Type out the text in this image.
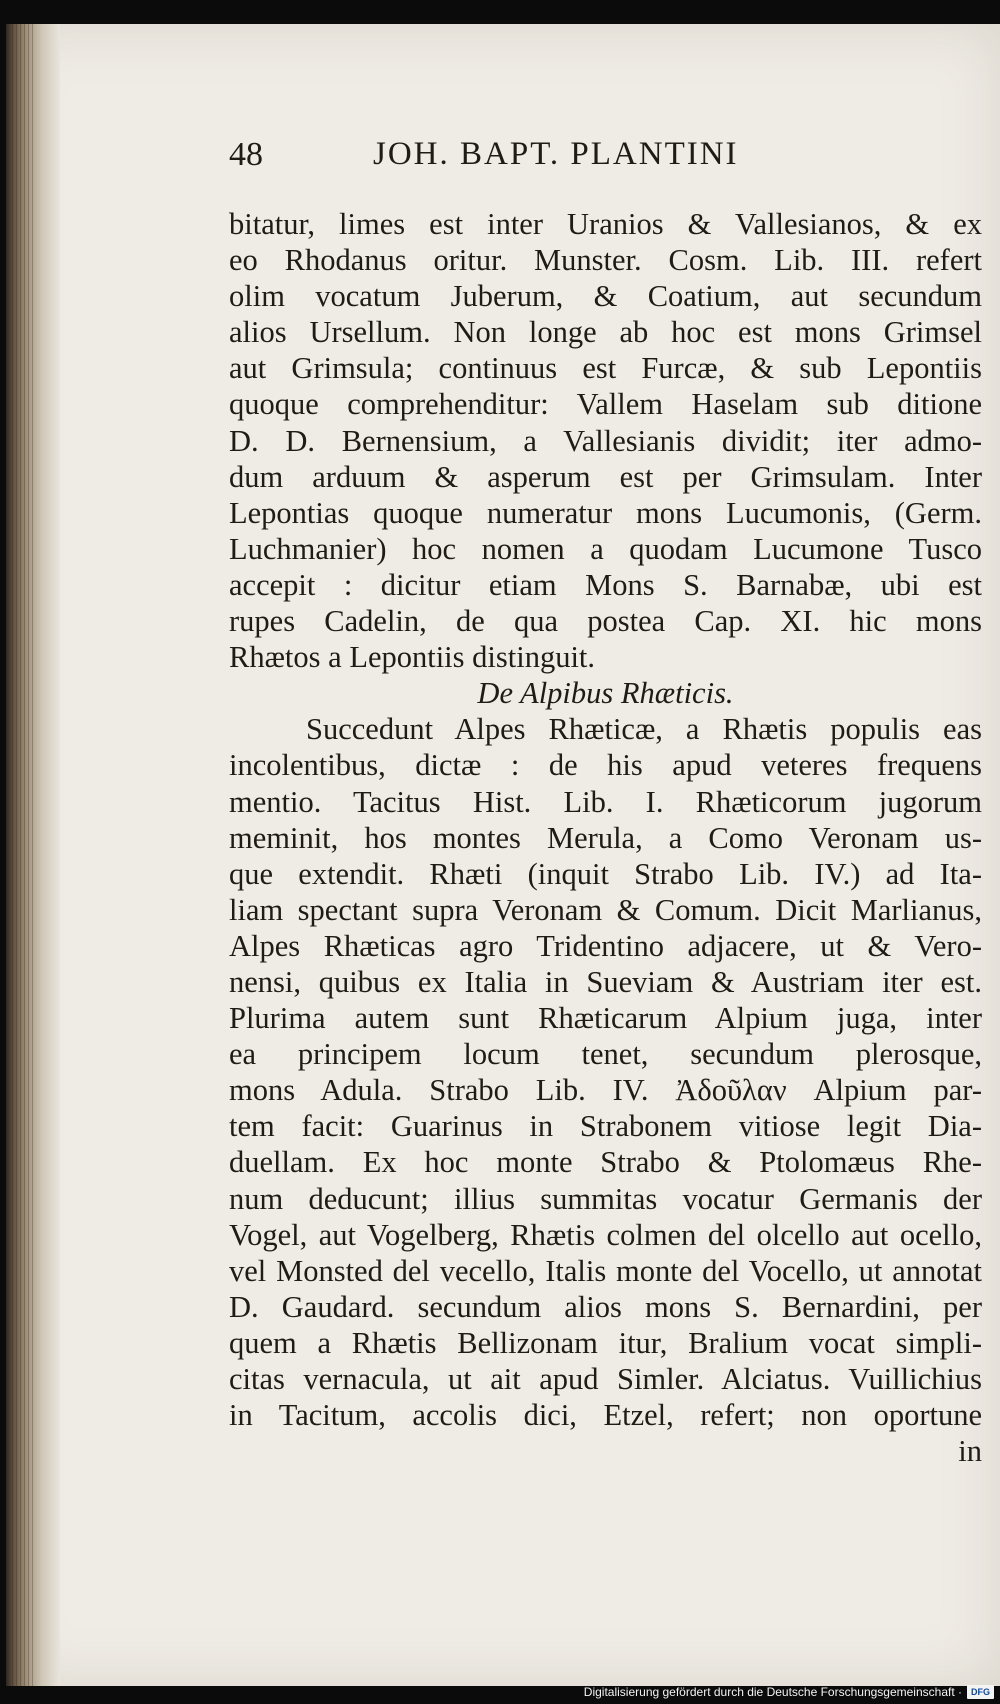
48	JOH. BAPT. PLANTINI
bitatur, limes est inter Uranios & Vallesianos, & ex
eo Rhodanus oritur. Munster. Cosm. Lib. III. refert
olim vocatum Juberum, & Coatium, aut secundum
alios Ursellum. Non longe ab hoc est mons Grimsel
aut Grimsula; continuus est Furcæ, & sub Lepontiis
quoque comprehenditur: Vallem Haselam sub ditione
D. D. Bernensium, a Vallesianis dividit; iter admo-
dum arduum & asperum est per Grimsulam. Inter
Lepontias quoque numeratur mons Lucumonis, (Germ.
Luchmanier) hoc nomen a quodam Lucumone Tusco
accepit : dicitur etiam Mons S. Barnabæ, ubi est
rupes Cadelin, de qua postea Cap. XI. hic mons
Rhætos a Lepontiis distinguit.
De Alpibus Rhæticis.
Succedunt Alpes Rhæticæ, a Rhætis populis eas
incolentibus, dictæ : de his apud veteres frequens
mentio. Tacitus Hist. Lib. I. Rhæticorum jugorum
meminit, hos montes Merula, a Como Veronam us-
que extendit. Rhæti (inquit Strabo Lib. IV.) ad Ita-
liam spectant supra Veronam & Comum. Dicit Marlianus,
Alpes Rhæticas agro Tridentino adjacere, ut & Vero-
nensi, quibus ex Italia in Sueviam & Austriam iter est.
Plurima autem sunt Rhæticarum Alpium juga, inter
ea principem locum tenet, secundum plerosque,
mons Adula. Strabo Lib. IV. Ἀδοῦλαν Alpium par-
tem facit: Guarinus in Strabonem vitiose legit Dia-
duellam. Ex hoc monte Strabo & Ptolomæus Rhe-
num deducunt; illius summitas vocatur Germanis der
Vogel, aut Vogelberg, Rhætis colmen del olcello aut ocello,
vel Monsted del vecello, Italis monte del Vocello, ut annotat
D. Gaudard. secundum alios mons S. Bernardini, per
quem a Rhætis Bellizonam itur, Bralium vocat simpli-
citas vernacula, ut ait apud Simler. Alciatus. Vuillichius
in Tacitum, accolis dici, Etzel, refert; non oportune
in
Digitalisierung gefördert durch die Deutsche Forschungsgemeinschaft ·	DFG
